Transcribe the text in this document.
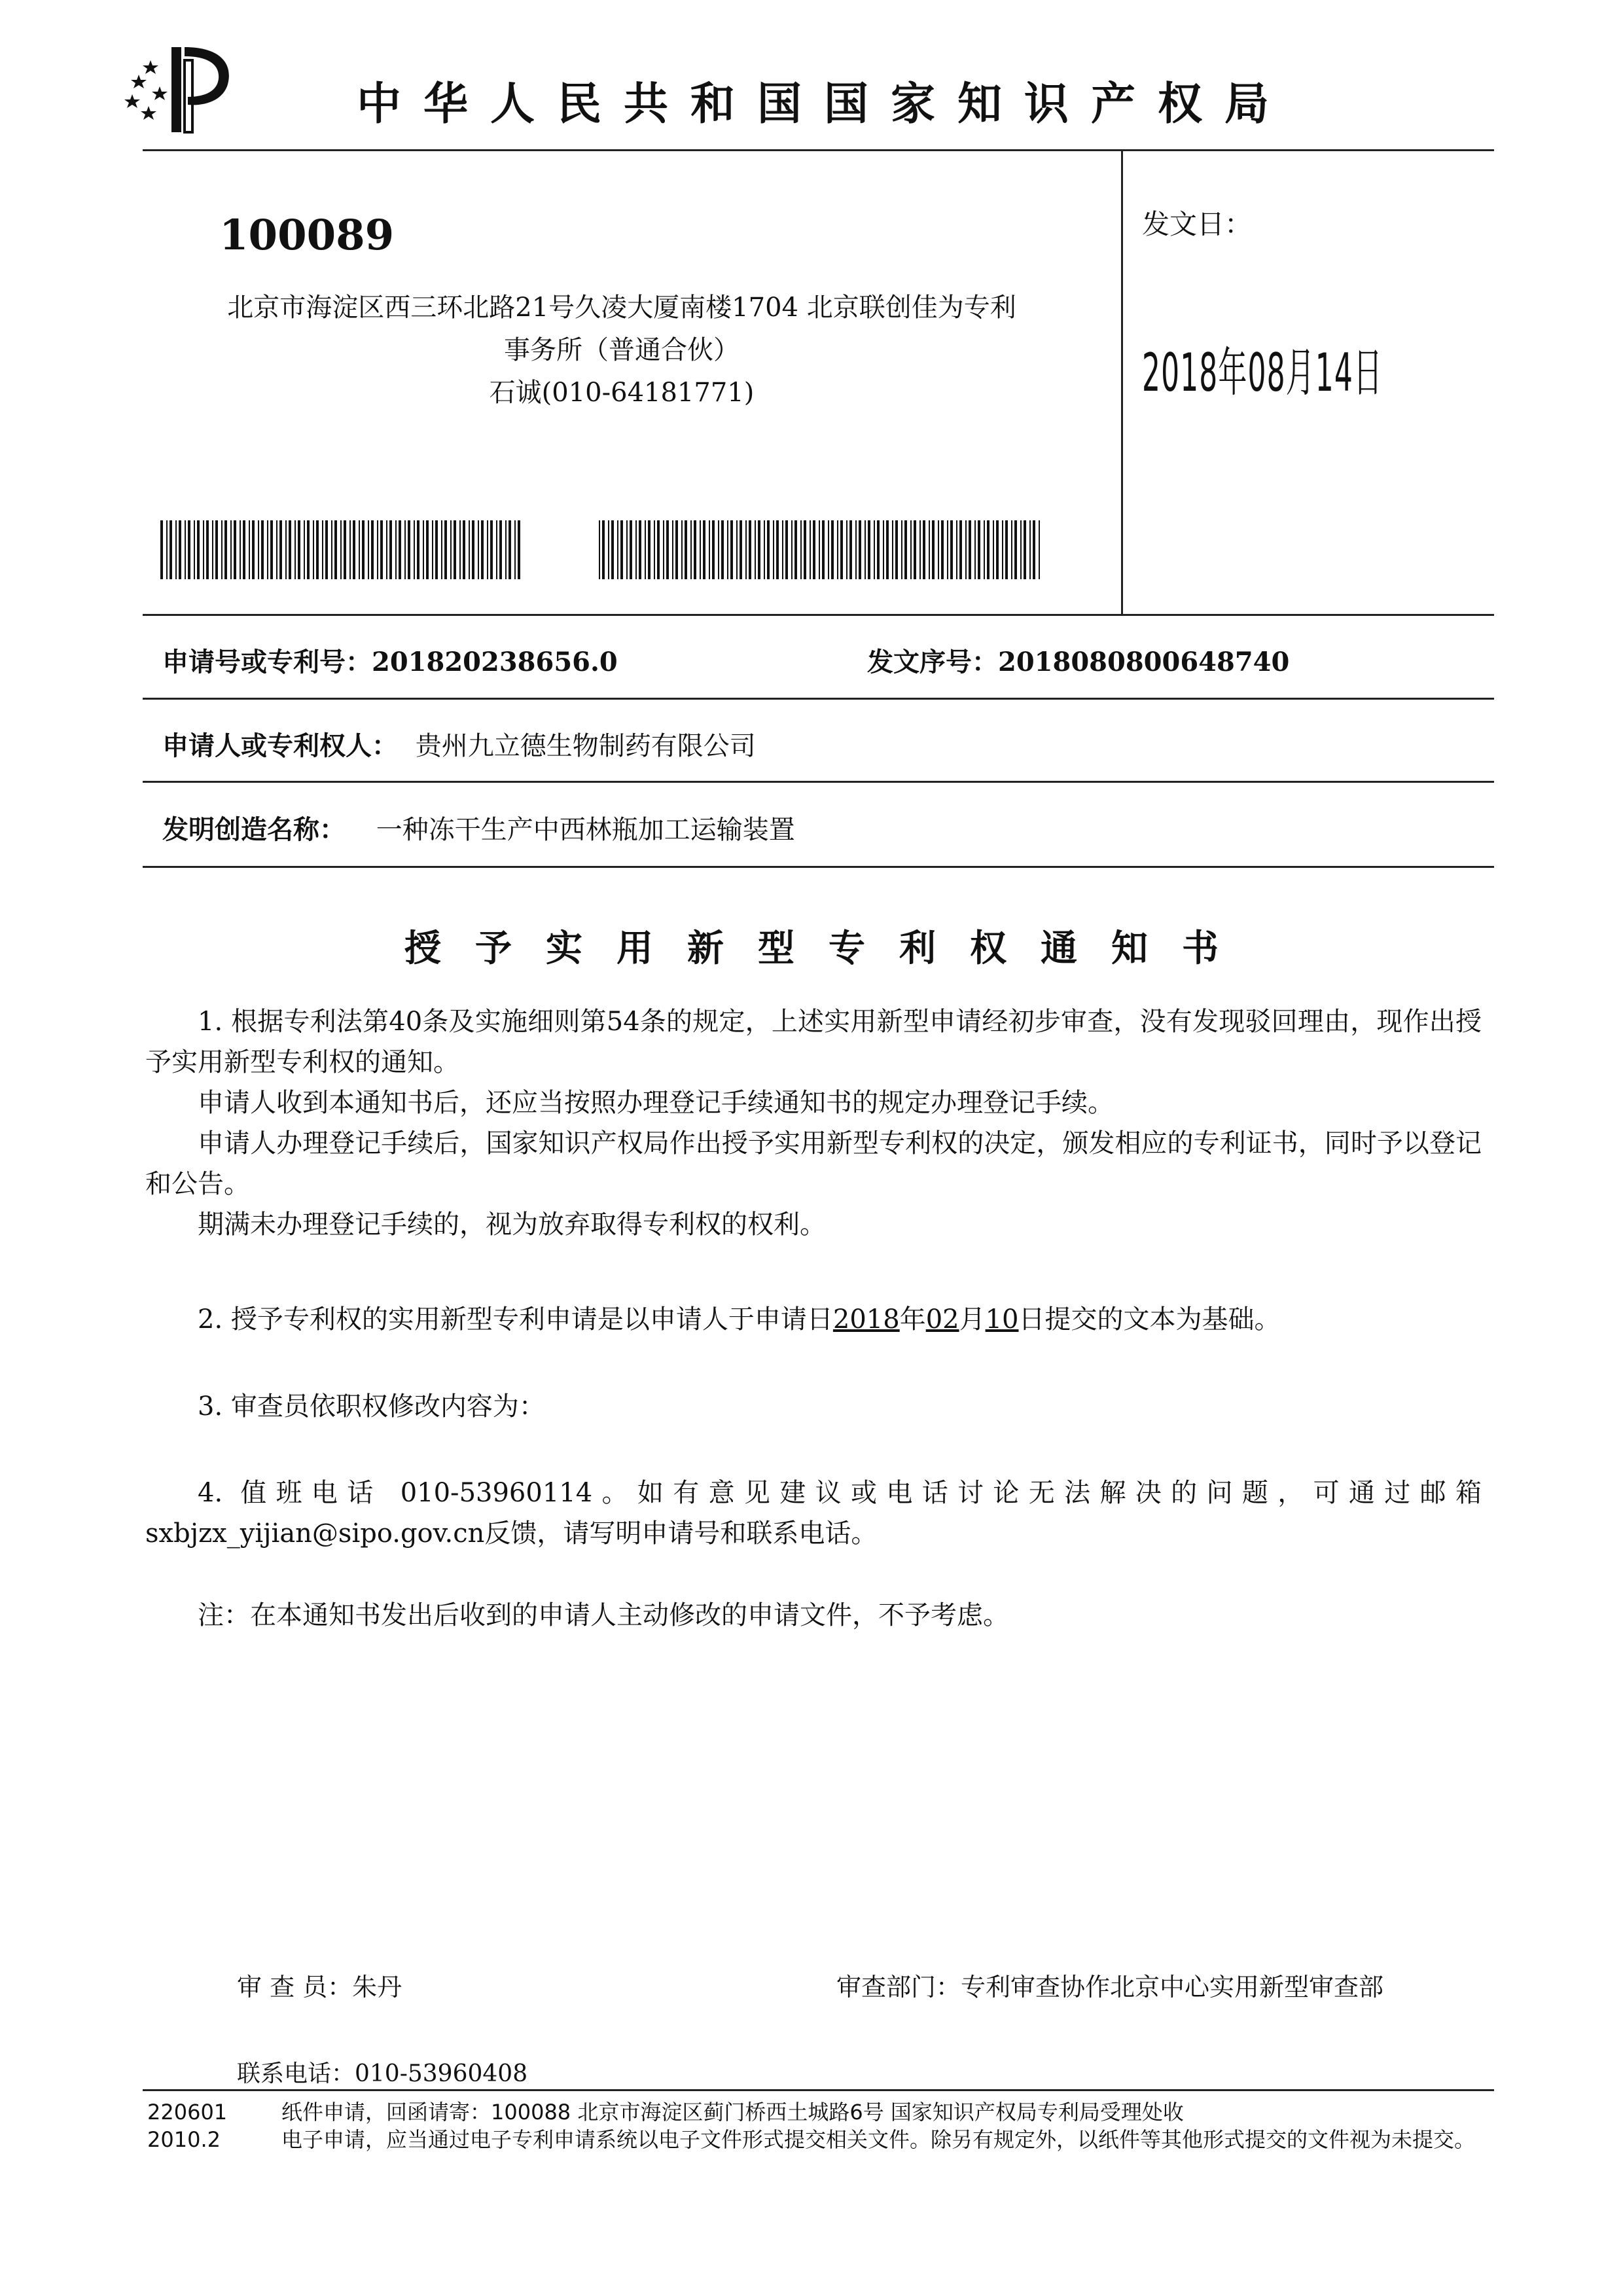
中华人民共和国国家知识产权局
100089
北京市海淀区西三环北路21号久凌大厦南楼1704 北京联创佳为专利
事务所（普通合伙）
石诚(010-64181771)
发文日：
2018年08月14日
申请号或专利号：201820238656.0	发文序号：2018080800648740
申请人或专利权人： 贵州九立德生物制药有限公司
发明创造名称： 一种冻干生产中西林瓶加工运输装置
授予实用新型专利权通知书

1. 根据专利法第40条及实施细则第54条的规定，上述实用新型申请经初步审查，没有发现驳回理由，现作出授予实用新型专利权的通知。

申请人收到本通知书后，还应当按照办理登记手续通知书的规定办理登记手续。

申请人办理登记手续后，国家知识产权局作出授予实用新型专利权的决定，颁发相应的专利证书，同时予以登记和公告。

期满未办理登记手续的，视为放弃取得专利权的权利。

2. 授予专利权的实用新型专利申请是以申请人于申请日2018年02月10日提交的文本为基础。

3. 审查员依职权修改内容为：

4. 值班电话 010-53960114。如有意见建议或电话讨论无法解决的问题，可通过邮箱 sxbjzx_yijian@sipo.gov.cn反馈，请写明申请号和联系电话。

注：在本通知书发出后收到的申请人主动修改的申请文件，不予考虑。

审 查 员：朱丹	审查部门：专利审查协作北京中心实用新型审查部
联系电话：010-53960408
220601
2010.2
纸件申请，回函请寄：100088 北京市海淀区蓟门桥西土城路6号 国家知识产权局专利局受理处收
电子申请，应当通过电子专利申请系统以电子文件形式提交相关文件。除另有规定外，以纸件等其他形式提交的文件视为未提交。
